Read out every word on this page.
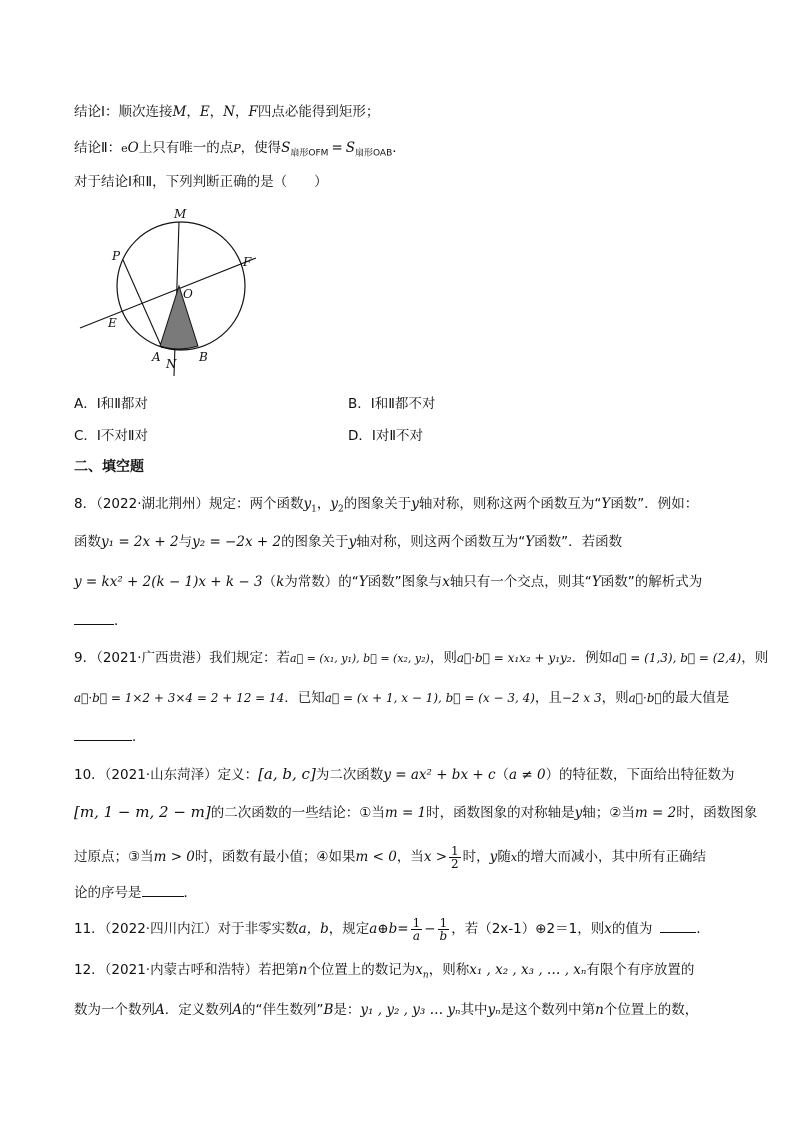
结论Ⅰ：顺次连接M，E，N，F四点必能得到矩形；
结论Ⅱ：eO上只有唯一的点P，使得$S_{扇形OFM} = S_{扇形OAB}$．
对于结论Ⅰ和Ⅱ，下列判断正确的是（　　）
M
P	F
O
E
A N B
A．Ⅰ和Ⅱ都对	B．Ⅰ和Ⅱ都不对
C．Ⅰ不对Ⅱ对	D．Ⅰ对Ⅱ不对
二、填空题
8．（2022·湖北荆州）规定：两个函数$y_1$，$y_2$的图象关于y轴对称，则称这两个函数互为“Y函数”．例如：
函数y₁ = 2x + 2与y₂ = −2x + 2的图象关于y轴对称，则这两个函数互为“Y函数”．若函数
y = kx² + 2(k − 1)x + k − 3（k为常数）的“Y函数”图象与x轴只有一个交点，则其“Y函数”的解析式为
．
9．（2021·广西贵港）我们规定：若a⃗ = (x₁, y₁), b⃗ = (x₂, y₂)，则a⃗·b⃗ = x₁x₂ + y₁y₂．例如a⃗ = (1,3), b⃗ = (2,4)，则
a⃗·b⃗ = 1×2 + 3×4 = 2 + 12 = 14．已知a⃗ = (x + 1, x − 1), b⃗ = (x − 3, 4)，且−2 x 3，则a⃗·b⃗的最大值是
．
10．（2021·山东菏泽）定义：[a, b, c]为二次函数y = ax² + bx + c（a ≠ 0）的特征数，下面给出特征数为
[m, 1 − m, 2 − m]的二次函数的一些结论：①当m = 1时，函数图象的对称轴是y轴；②当m = 2时，函数图象
过原点；③当m > 0时，函数有最小值；④如果m < 0，当$x > \frac{1}{2}$ 时，y随x的增大而减小，其中所有正确结
论的序号是	．
11．（2022·四川内江）对于非零实数a，b，规定a⊕b= $\frac{1}{a} - \frac{1}{b}$ ，若（2x-1）⊕2＝1，则x的值为	．
12．（2021·内蒙古呼和浩特）若把第n个位置上的数记为$x_n$，则称x₁ , x₂ , x₃ , … , xₙ有限个有序放置的
数为一个数列A．定义数列A的“伴生数列”B是：y₁ , y₂ , y₃ … yₙ其中yₙ是这个数列中第n个位置上的数，
